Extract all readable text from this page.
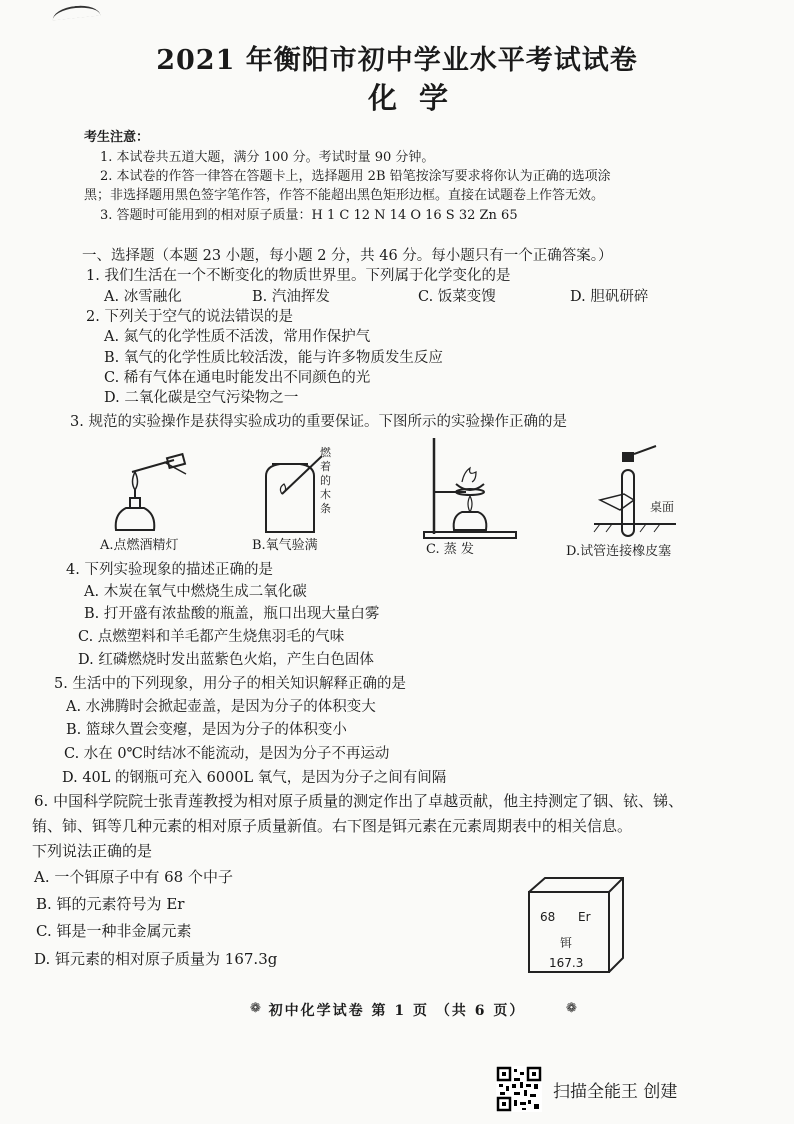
2021 年衡阳市初中学业水平考试试卷
化学
考生注意：
1. 本试卷共五道大题，满分 100 分。考试时量 90 分钟。
2. 本试卷的作答一律答在答题卡上，选择题用 2B 铅笔按涂写要求将你认为正确的选项涂
黑；非选择题用黑色签字笔作答，作答不能超出黑色矩形边框。直接在试题卷上作答无效。
3. 答题时可能用到的相对原子质量：H 1 C 12 N 14 O 16 S 32 Zn 65
一、选择题（本题 23 小题，每小题 2 分，共 46 分。每小题只有一个正确答案。）
1. 我们生活在一个不断变化的物质世界里。下列属于化学变化的是
A. 冰雪融化	B. 汽油挥发	C. 饭菜变馊	D. 胆矾研碎
2. 下列关于空气的说法错误的是
A. 氮气的化学性质不活泼，常用作保护气
B. 氧气的化学性质比较活泼，能与许多物质发生反应
C. 稀有气体在通电时能发出不同颜色的光
D. 二氧化碳是空气污染物之一
3. 规范的实验操作是获得实验成功的重要保证。下图所示的实验操作正确的是
A.点燃酒精灯
燃着的木条
B.氧气验满	C. 蒸 发
桌面
D.试管连接橡皮塞
4. 下列实验现象的描述正确的是
A. 木炭在氧气中燃烧生成二氧化碳
B. 打开盛有浓盐酸的瓶盖，瓶口出现大量白雾
C. 点燃塑料和羊毛都产生烧焦羽毛的气味
D. 红磷燃烧时发出蓝紫色火焰，产生白色固体
5. 生活中的下列现象，用分子的相关知识解释正确的是
A. 水沸腾时会掀起壶盖，是因为分子的体积变大
B. 篮球久置会变瘪，是因为分子的体积变小
C. 水在 0℃时结冰不能流动，是因为分子不再运动
D. 40L 的钢瓶可充入 6000L 氧气，是因为分子之间有间隔
6. 中国科学院院士张青莲教授为相对原子质量的测定作出了卓越贡献，他主持测定了铟、铱、锑、
铕、铈、铒等几种元素的相对原子质量新值。右下图是铒元素在元素周期表中的相关信息。
下列说法正确的是
A. 一个铒原子中有 68 个中子
B. 铒的元素符号为 Er
C. 铒是一种非金属元素
D. 铒元素的相对原子质量为 167.3g
68 Er
铒
167.3
❁ 初中化学试卷 第 1 页 （共 6 页）	❁
扫描全能王 创建
